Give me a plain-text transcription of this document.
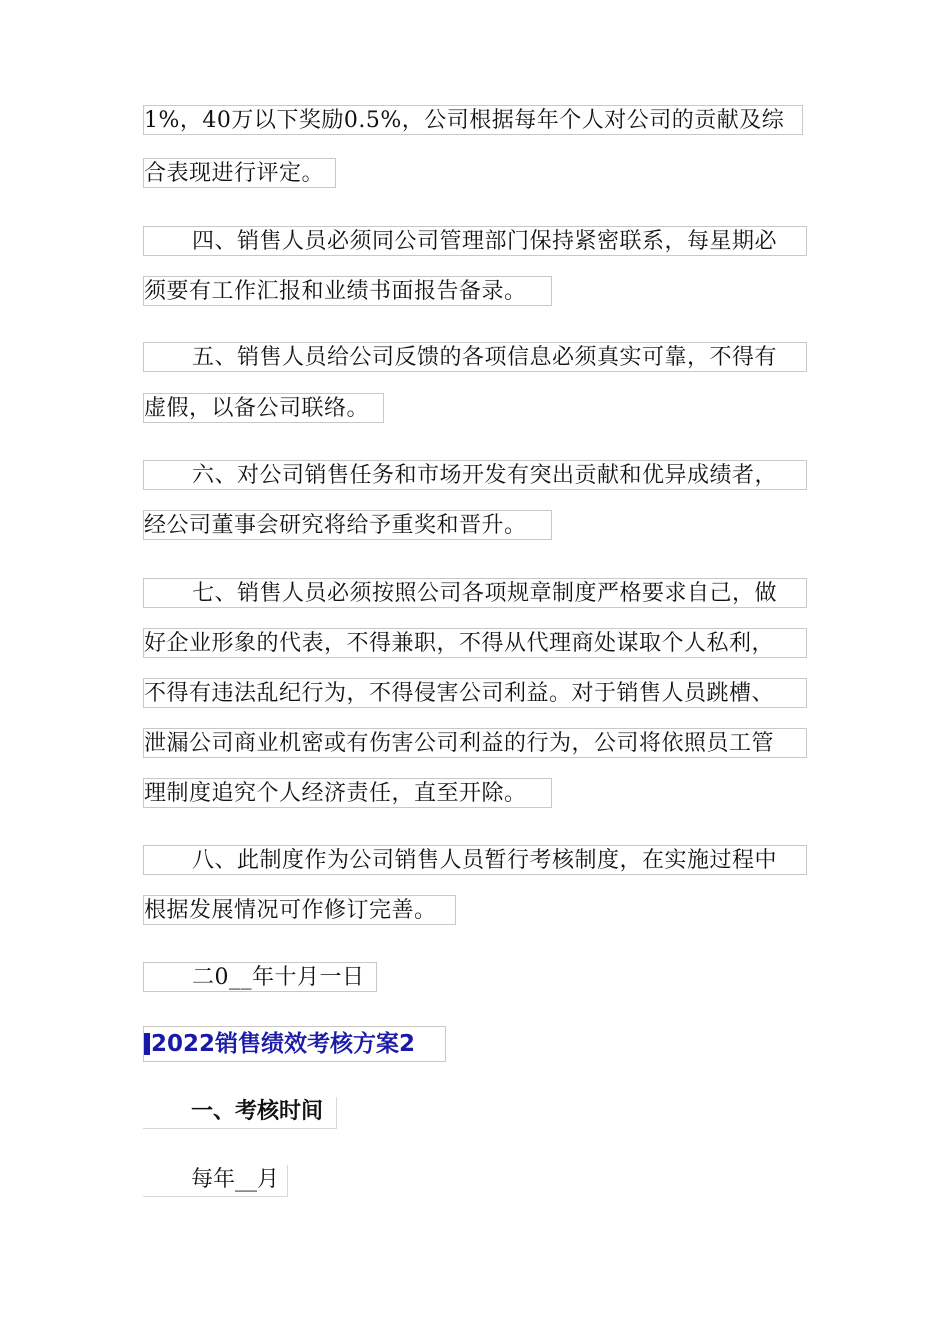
1%，40万以下奖励0.5%，公司根据每年个人对公司的贡献及综
合表现进行评定。
四、销售人员必须同公司管理部门保持紧密联系，每星期必
须要有工作汇报和业绩书面报告备录。
五、销售人员给公司反馈的各项信息必须真实可靠，不得有
虚假，以备公司联络。
六、对公司销售任务和市场开发有突出贡献和优异成绩者，
经公司董事会研究将给予重奖和晋升。
七、销售人员必须按照公司各项规章制度严格要求自己，做
好企业形象的代表，不得兼职，不得从代理商处谋取个人私利，
不得有违法乱纪行为，不得侵害公司利益。对于销售人员跳槽、
泄漏公司商业机密或有伤害公司利益的行为，公司将依照员工管
理制度追究个人经济责任，直至开除。
八、此制度作为公司销售人员暂行考核制度，在实施过程中
根据发展情况可作修订完善。
二0__年十月一日
2022销售绩效考核方案2
一、考核时间
每年__月
